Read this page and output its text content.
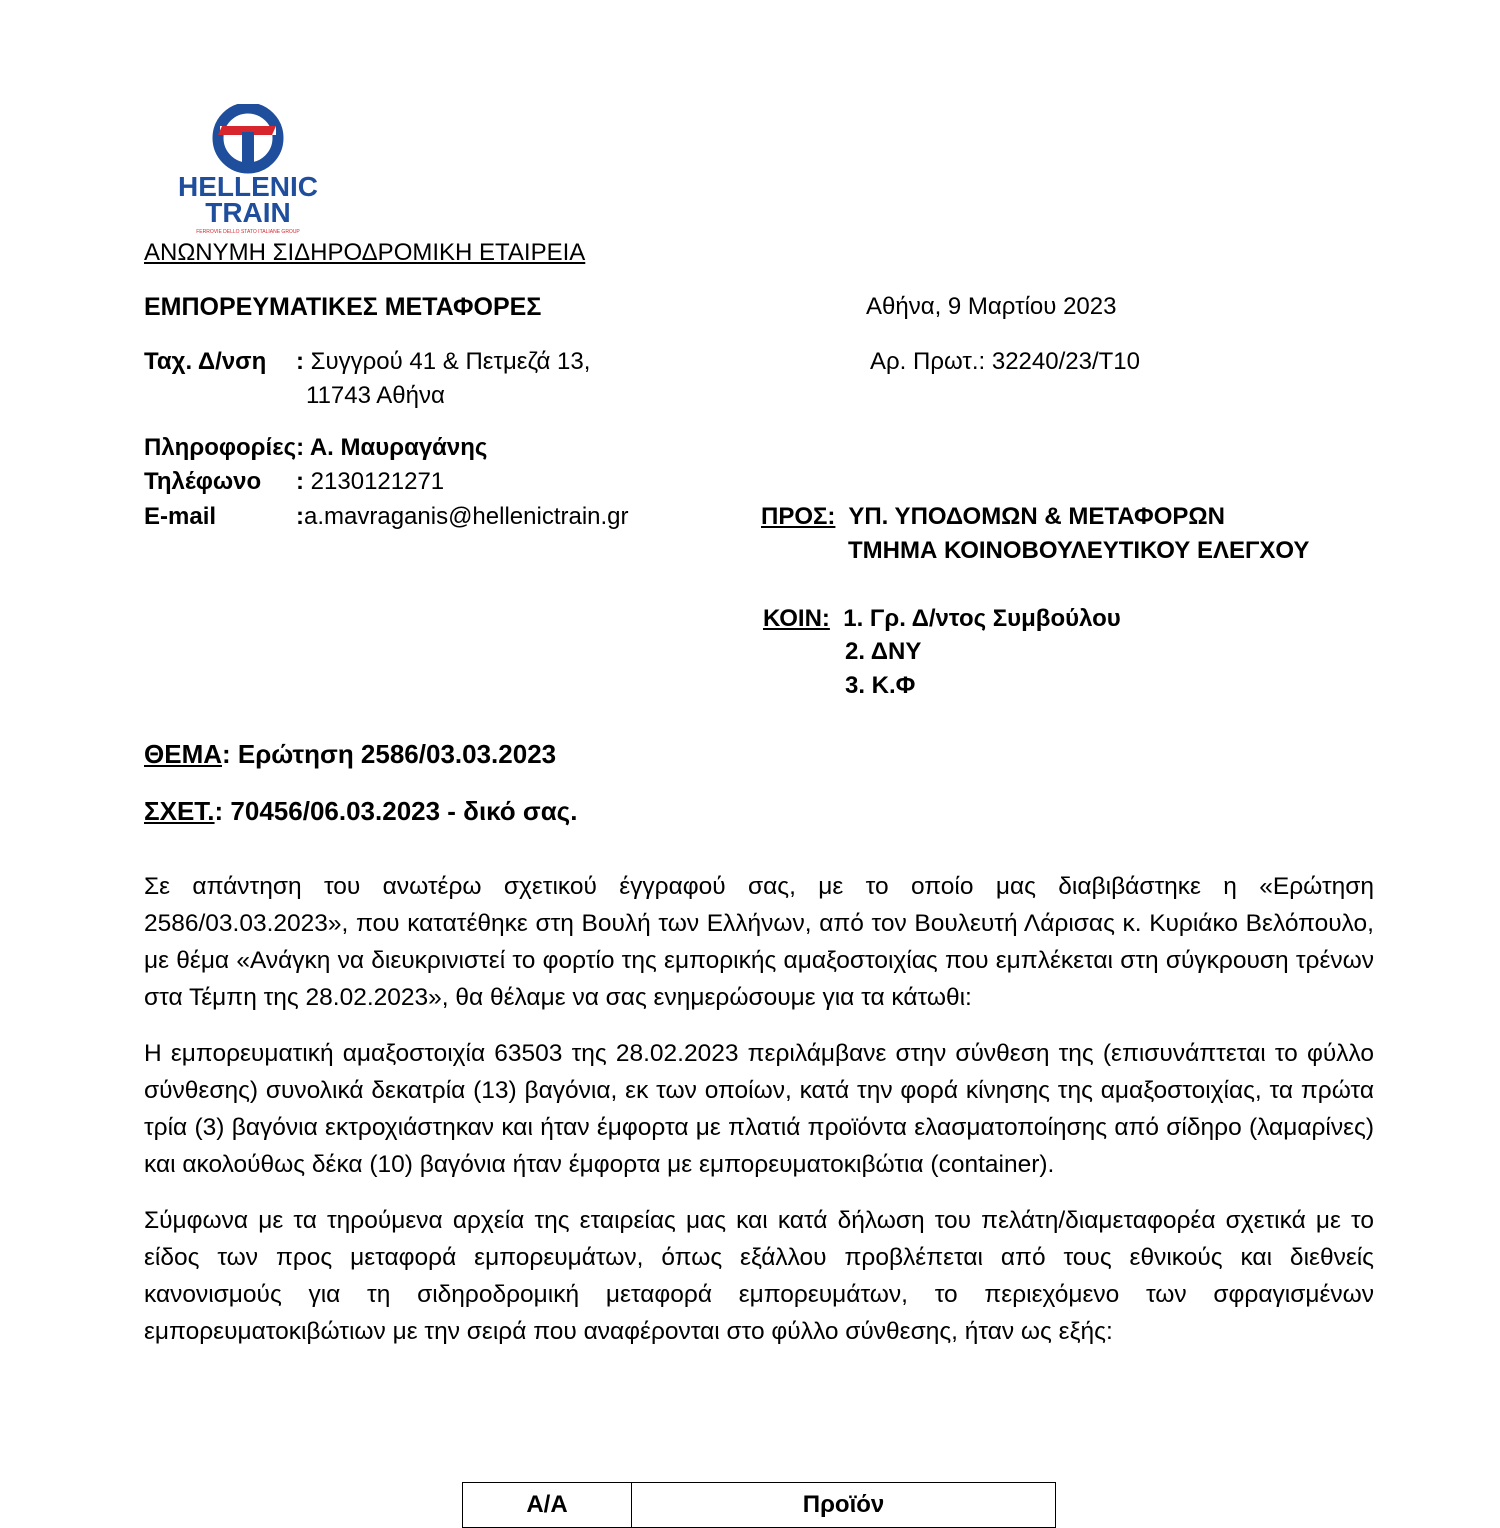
HELLENIC
TRAIN
FERROVIE DELLO STATO ITALIANE GROUP
ΑΝΩΝΥΜΗ ΣΙΔΗΡΟΔΡΟΜΙΚΗ ΕΤΑΙΡΕΙΑ
ΕΜΠΟΡΕΥΜΑΤΙΚΕΣ ΜΕΤΑΦΟΡΕΣ	Αθήνα, 9 Μαρτίου 2023
Ταχ. Δ/νση : Συγγρού 41 & Πετμεζά 13,	Αρ. Πρωτ.: 32240/23/Τ10
11743 Αθήνα
Πληροφορίες: Α. Μαυραγάνης
Τηλέφωνο : 2130121271
E-mail	:a.mavraganis@hellenictrain.gr	ΠΡΟΣ: ΥΠ. ΥΠΟΔΟΜΩΝ & ΜΕΤΑΦΟΡΩΝ
ΤΜΗΜΑ ΚΟΙΝΟΒΟΥΛΕΥΤΙΚΟΥ ΕΛΕΓΧΟΥ
ΚΟΙΝ: 1. Γρ. Δ/ντος Συμβούλου
2. ΔΝΥ
3. Κ.Φ
ΘΕΜΑ: Ερώτηση 2586/03.03.2023
ΣΧΕΤ.: 70456/06.03.2023 - δικό σας.

Σε απάντηση του ανωτέρω σχετικού έγγραφού σας, με το οποίο μας διαβιβάστηκε η «Ερώτηση 2586/03.03.2023», που κατατέθηκε στη Βουλή των Ελλήνων, από τον Βουλευτή Λάρισας κ. Κυριάκο Βελόπουλο, με θέμα «Ανάγκη να διευκρινιστεί το φορτίο της εμπορικής αμαξοστοιχίας που εμπλέκεται στη σύγκρουση τρένων στα Τέμπη της 28.02.2023», θα θέλαμε να σας ενημερώσουμε για τα κάτωθι:

Η εμπορευματική αμαξοστοιχία 63503 της 28.02.2023 περιλάμβανε στην σύνθεση της (επισυνάπτεται το φύλλο σύνθεσης) συνολικά δεκατρία (13) βαγόνια, εκ των οποίων, κατά την φορά κίνησης της αμαξοστοιχίας, τα πρώτα τρία (3) βαγόνια εκτροχιάστηκαν και ήταν έμφορτα με πλατιά προϊόντα ελασματοποίησης από σίδηρο (λαμαρίνες) και ακολούθως δέκα (10) βαγόνια ήταν έμφορτα με εμπορευματοκιβώτια (container).

Σύμφωνα με τα τηρούμενα αρχεία της εταιρείας μας και κατά δήλωση του πελάτη/διαμεταφορέα σχετικά με το είδος των προς μεταφορά εμπορευμάτων, όπως εξάλλου προβλέπεται από τους εθνικούς και διεθνείς κανονισμούς για τη σιδηροδρομική μεταφορά εμπορευμάτων, το περιεχόμενο των σφραγισμένων εμπορευματοκιβώτιων με την σειρά που αναφέρονται στο φύλλο σύνθεσης, ήταν ως εξής:

Α/Α	Προϊόν
